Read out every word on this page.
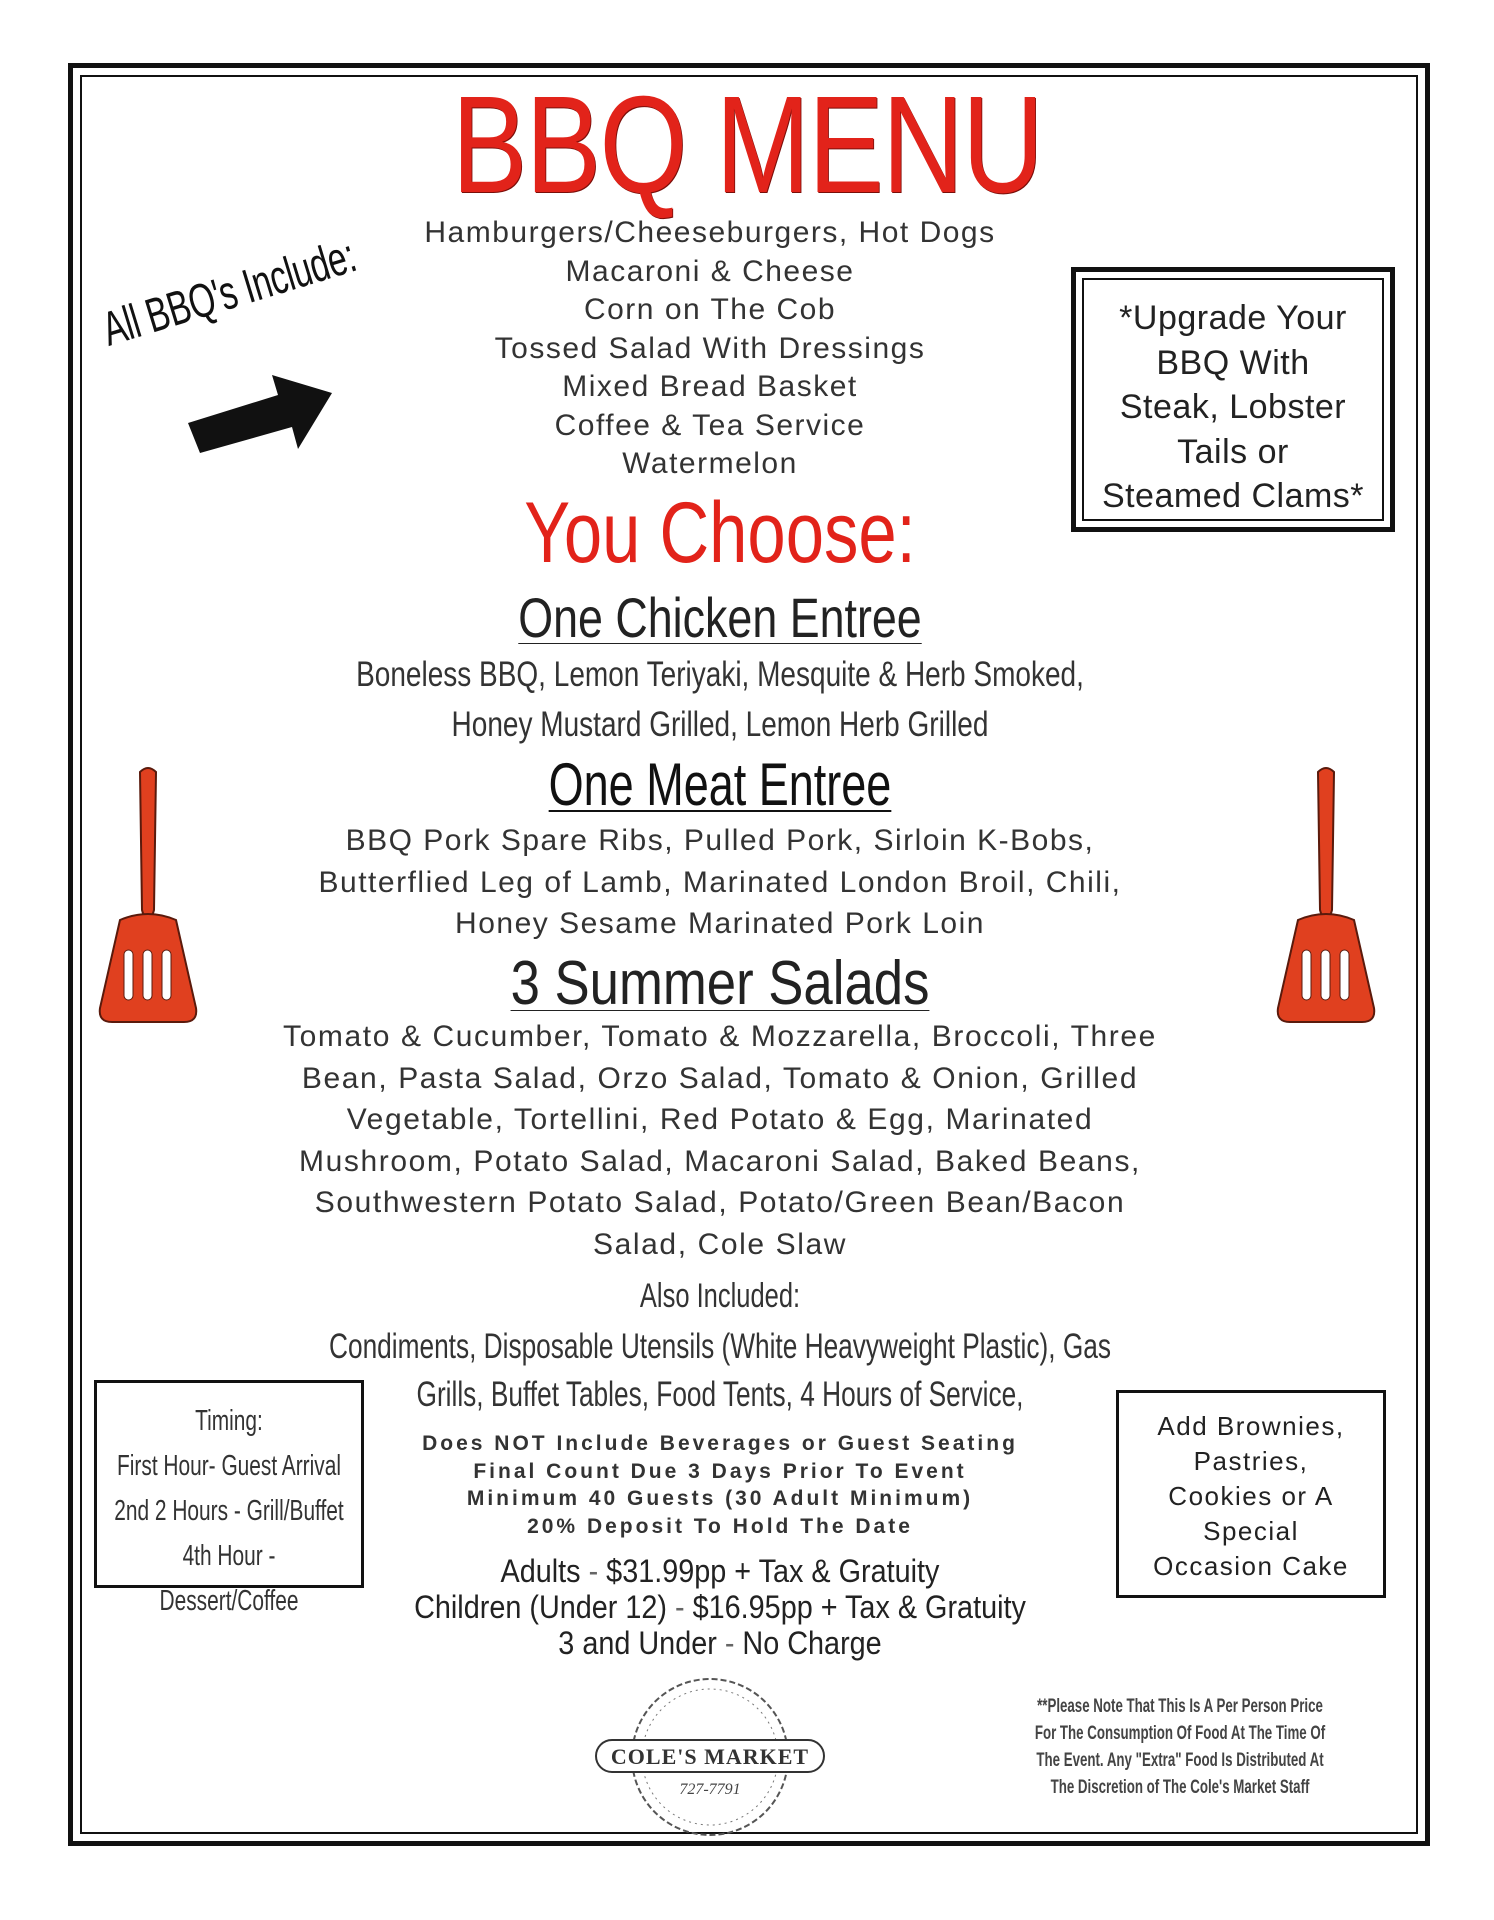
BBQ MENU
All BBQ's Include:	Hamburgers/Cheeseburgers, Hot Dogs
Macaroni & Cheese
Corn on The Cob
Tossed Salad With Dressings
Mixed Bread Basket
Coffee & Tea Service
Watermelon
*Upgrade Your
BBQ With
Steak, Lobster
Tails or
Steamed Clams*
You Choose:
One Chicken Entree
Boneless BBQ, Lemon Teriyaki, Mesquite & Herb Smoked,
Honey Mustard Grilled, Lemon Herb Grilled
One Meat Entree
BBQ Pork Spare Ribs, Pulled Pork, Sirloin K-Bobs,
Butterflied Leg of Lamb, Marinated London Broil, Chili,
Honey Sesame Marinated Pork Loin
3 Summer Salads
Tomato & Cucumber, Tomato & Mozzarella, Broccoli, Three
Bean, Pasta Salad, Orzo Salad, Tomato & Onion, Grilled
Vegetable, Tortellini, Red Potato & Egg, Marinated
Mushroom, Potato Salad, Macaroni Salad, Baked Beans,
Southwestern Potato Salad, Potato/Green Bean/Bacon
Salad, Cole Slaw
Also Included:
Condiments, Disposable Utensils (White Heavyweight Plastic), Gas
Grills, Buffet Tables, Food Tents, 4 Hours of Service,
Does NOT Include Beverages or Guest Seating
Final Count Due 3 Days Prior To Event
Minimum 40 Guests (30 Adult Minimum)
20% Deposit To Hold The Date
Adults - $31.99pp + Tax & Gratuity
Children (Under 12) - $16.95pp + Tax & Gratuity
3 and Under - No Charge
Timing:
First Hour- Guest Arrival
2nd 2 Hours - Grill/Buffet
4th Hour - Dessert/Coffee
Add Brownies,
Pastries,
Cookies or A
Special
Occasion Cake
COLE'S MARKET
727-7791
**Please Note That This Is A Per Person Price
For The Consumption Of Food At The Time Of
The Event. Any "Extra" Food Is Distributed At
The Discretion of The Cole's Market Staff
